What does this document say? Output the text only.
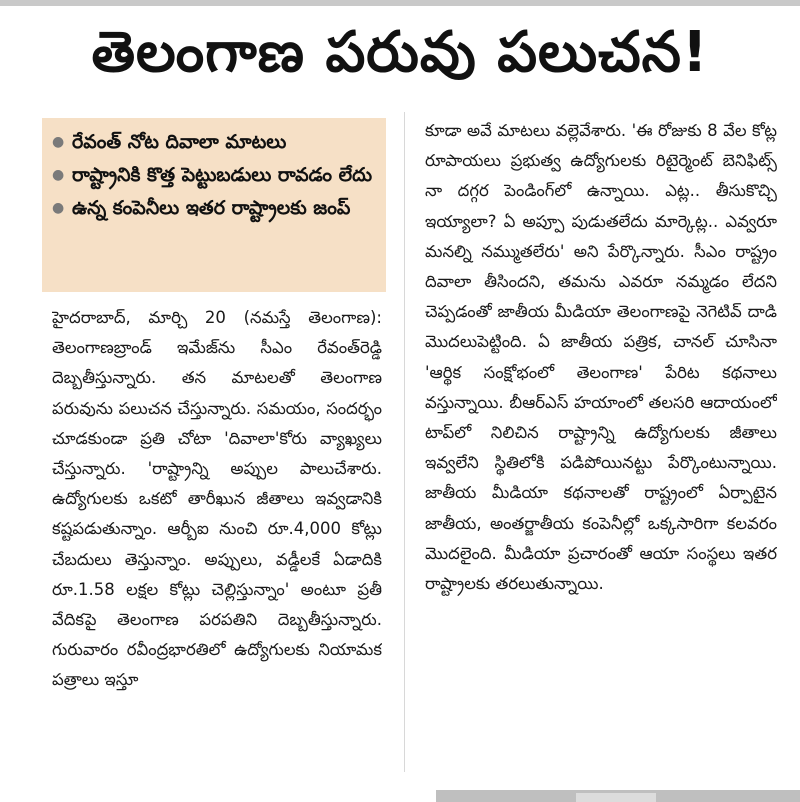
తెలంగాణ పరువు పలుచన!
● రేవంత్ నోట దివాలా మాటలు
● రాష్ట్రానికి కొత్త పెట్టుబడులు రావడం లేదు
● ఉన్న కంపెనీలు ఇతర రాష్ట్రాలకు జంప్
హైదరాబాద్, మార్చి 20 (నమస్తే తెలంగాణ): తెలంగాణబ్రాండ్ ఇమేజ్‌ను సీఎం రేవంత్‌రెడ్డి దెబ్బతీస్తున్నారు. తన మాటలతో తెలంగాణ పరువును పలుచన చేస్తున్నారు. సమయం, సందర్భం చూడకుండా ప్రతి చోటా 'దివాలా'కోరు వ్యాఖ్యలు చేస్తున్నారు. 'రాష్ట్రాన్ని అప్పుల పాలుచేశారు. ఉద్యోగులకు ఒకటో తారీఖున జీతాలు ఇవ్వడానికి కష్టపడుతున్నాం. ఆర్బీఐ నుంచి రూ.4,000 కోట్లు చేబదులు తెస్తున్నాం. అప్పులు, వడ్డీలకే ఏడాదికి రూ.1.58 లక్షల కోట్లు చెల్లిస్తున్నాం' అంటూ ప్రతీ వేదికపై తెలంగాణ పరపతిని దెబ్బతీస్తున్నారు. గురువారం రవీంద్రభారతిలో ఉద్యోగులకు నియామక పత్రాలు ఇస్తూ
కూడా అవే మాటలు వల్లెవేశారు. 'ఈ రోజుకు 8 వేల కోట్ల రూపాయలు ప్రభుత్వ ఉద్యోగులకు రిటైర్మెంట్ బెనిఫిట్స్ నా దగ్గర పెండింగ్‌లో ఉన్నాయి. ఎట్ల.. తీసుకొచ్చి ఇయ్యాలా? ఏ అప్పూ పుడుతలేదు మార్కెట్ల.. ఎవ్వరూ మనల్ని నమ్ముతలేరు' అని పేర్కొన్నారు. సీఎం రాష్ట్రం దివాలా తీసిందని, తమను ఎవరూ నమ్మడం లేదని చెప్పడంతో జాతీయ మీడియా తెలంగాణపై నెగెటివ్ దాడి మొదలుపెట్టింది. ఏ జాతీయ పత్రిక, చానల్ చూసినా 'ఆర్థిక సంక్షోభంలో తెలంగాణ' పేరిట కథనాలు వస్తున్నాయి. బీఆర్‌ఎస్ హయాంలో తలసరి ఆదాయంలో టాప్‌లో నిలిచిన రాష్ట్రాన్ని ఉద్యోగులకు జీతాలు ఇవ్వలేని స్థితిలోకి పడిపోయినట్టు పేర్కొంటున్నాయి. జాతీయ మీడియా కథనాలతో రాష్ట్రంలో ఏర్పాటైన జాతీయ, అంతర్జాతీయ కంపెనీల్లో ఒక్కసారిగా కలవరం మొదలైంది. మీడియా ప్రచారంతో ఆయా సంస్థలు ఇతర రాష్ట్రాలకు తరలుతున్నాయి.
